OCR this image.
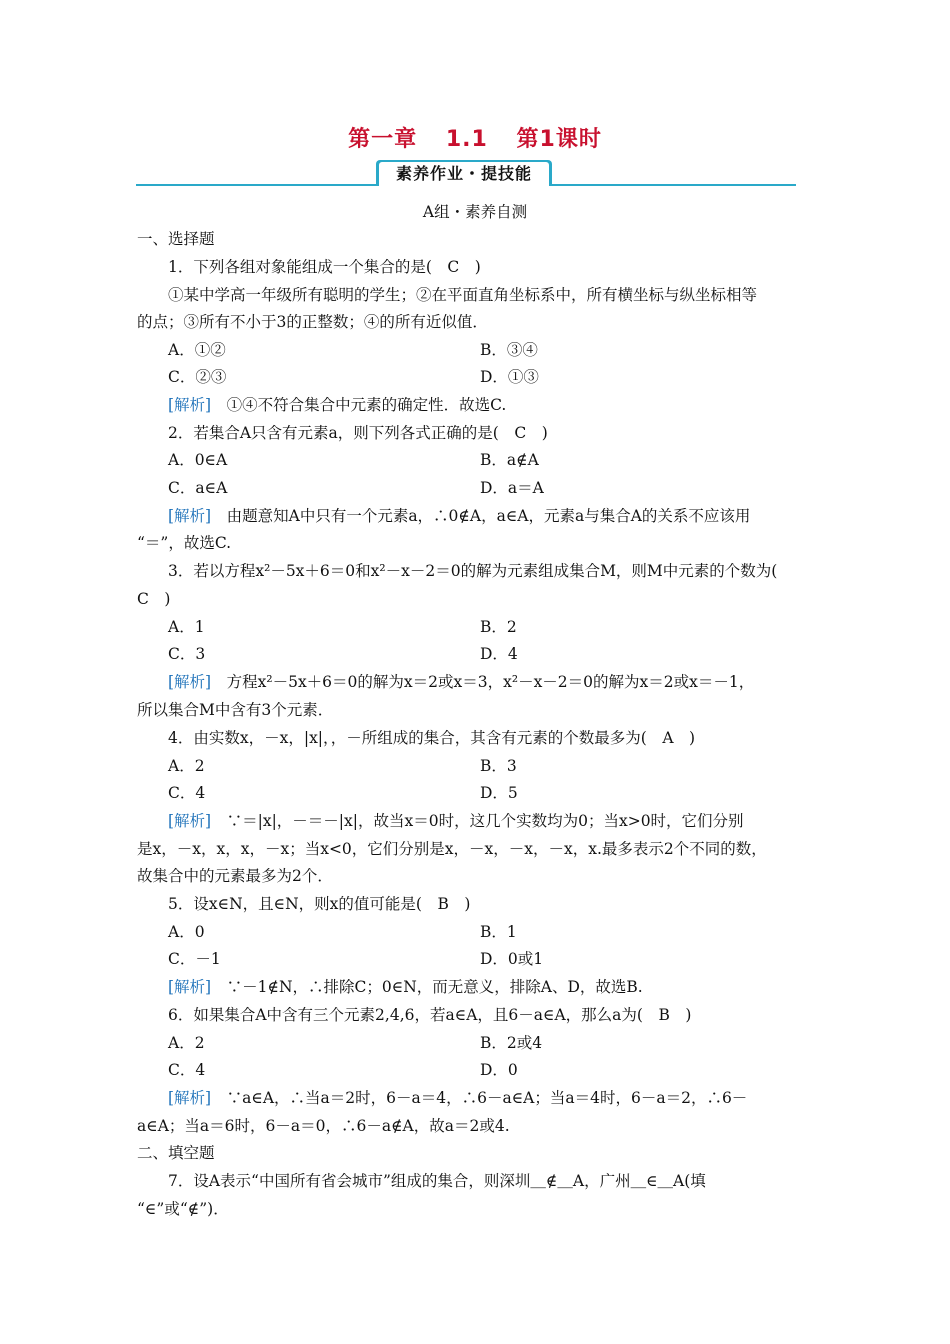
第一章 1.1 第1课时
素养作业・提技能
A组・素养自测
一、选择题
1．下列各组对象能组成一个集合的是(　C　)
①某中学高一年级所有聪明的学生；②在平面直角坐标系中，所有横坐标与纵坐标相等
的点；③所有不小于3的正整数；④的所有近似值．
A．①②	B．③④
C．②③	D．①③
[解析]　 ①④不符合集合中元素的确定性．故选C.
2．若集合A只含有元素a，则下列各式正确的是(　C　)
A．0∈A	B．a∉A
C．a∈A	D．a＝A
[解析]　 由题意知A中只有一个元素a，∴0∉A，a∈A，元素a与集合A的关系不应该用
“＝”，故选C.
3．若以方程x²－5x＋6＝0和x²－x－2＝0的解为元素组成集合M，则M中元素的个数为(
C　)
A．1	B．2
C．3	D．4
[解析]　 方程x²－5x＋6＝0的解为x＝2或x＝3，x²－x－2＝0的解为x＝2或x＝－1，
所以集合M中含有3个元素．
4．由实数x，－x，|x|，，－所组成的集合，其含有元素的个数最多为(　A　)
A．2	B．3
C．4	D．5
[解析]　 ∵＝|x|，－＝－|x|，故当x＝0时，这几个实数均为0；当x>0时，它们分别
是x，－x，x，x，－x；当x<0，它们分别是x，－x，－x，－x，x.最多表示2个不同的数，
故集合中的元素最多为2个．
5．设x∈N，且∈N，则x的值可能是(　B　)
A．0	B．1
C．－1	D．0或1
[解析]　 ∵－1∉N，∴排除C；0∈N，而无意义，排除A、D，故选B.
6．如果集合A中含有三个元素2,4,6，若a∈A，且6－a∈A，那么a为(　B　)
A．2	B．2或4
C．4	D．0
[解析]　 ∵a∈A，∴当a＝2时，6－a＝4，∴6－a∈A；当a＝4时，6－a＝2，∴6－
a∈A；当a＝6时，6－a＝0，∴6－a∉A，故a＝2或4.
二、填空题
7．设A表示“中国所有省会城市”组成的集合，则深圳＿∉＿A，广州＿∈＿A(填
“∈”或“∉”)．
